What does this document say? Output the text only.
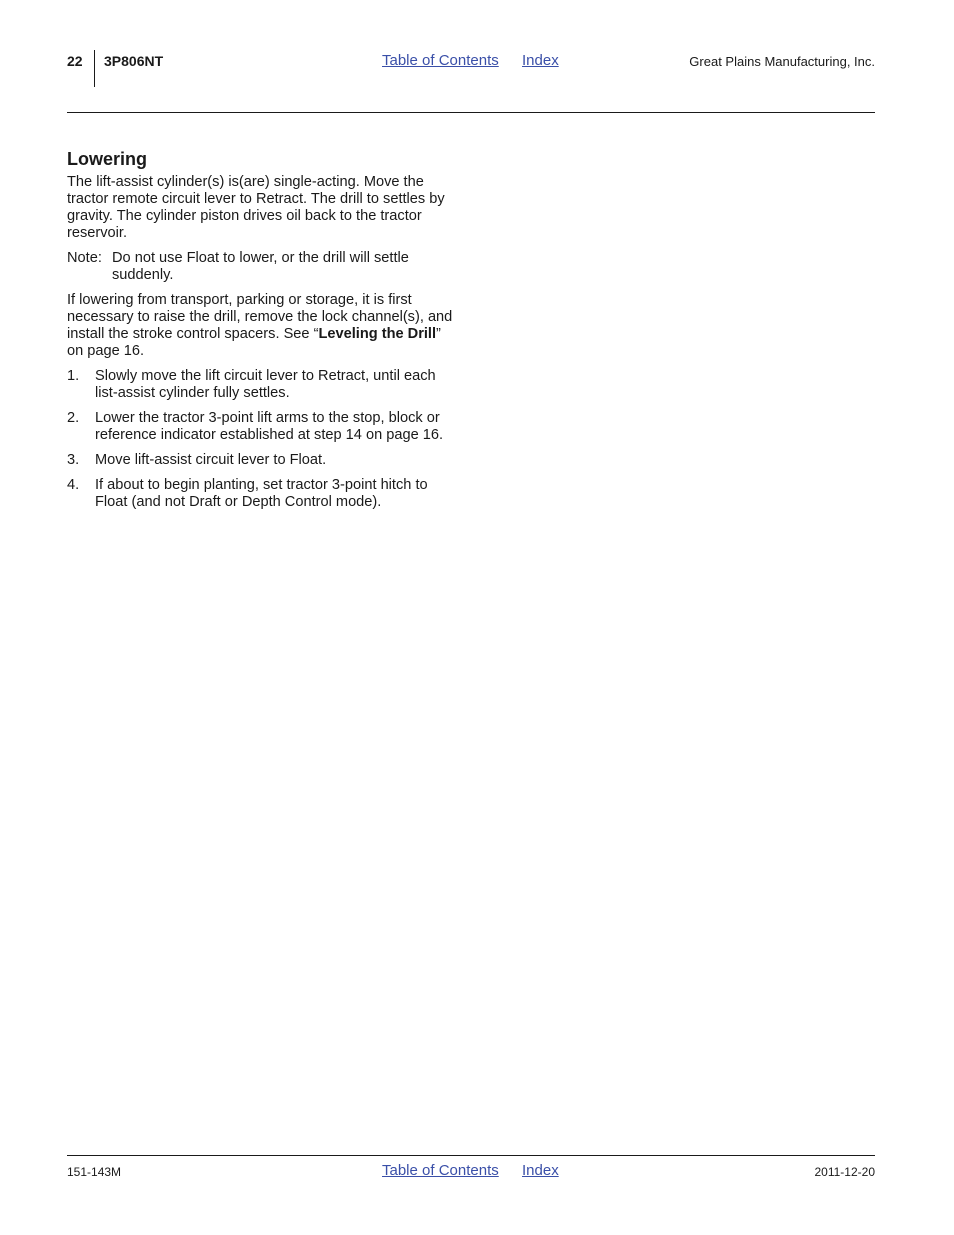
22 3P806NT	Table of Contents Index	Great Plains Manufacturing, Inc.
Lowering

The lift-assist cylinder(s) is(are) single-acting. Move the tractor remote circuit lever to Retract. The drill to settles by gravity. The cylinder piston drives oil back to the tractor reservoir.

Note: Do not use Float to lower, or the drill will settle suddenly.

If lowering from transport, parking or storage, it is first necessary to raise the drill, remove the lock channel(s), and install the stroke control spacers. See “Leveling the Drill” on page 16.

1.	Slowly move the lift circuit lever to Retract, until each list-assist cylinder fully settles.
2.	Lower the tractor 3-point lift arms to the stop, block or reference indicator established at step 14 on page 16.
3.	Move lift-assist circuit lever to Float.
4.	If about to begin planting, set tractor 3-point hitch to Float (and not Draft or Depth Control mode).
151-143M	Table of Contents Index	2011-12-20
